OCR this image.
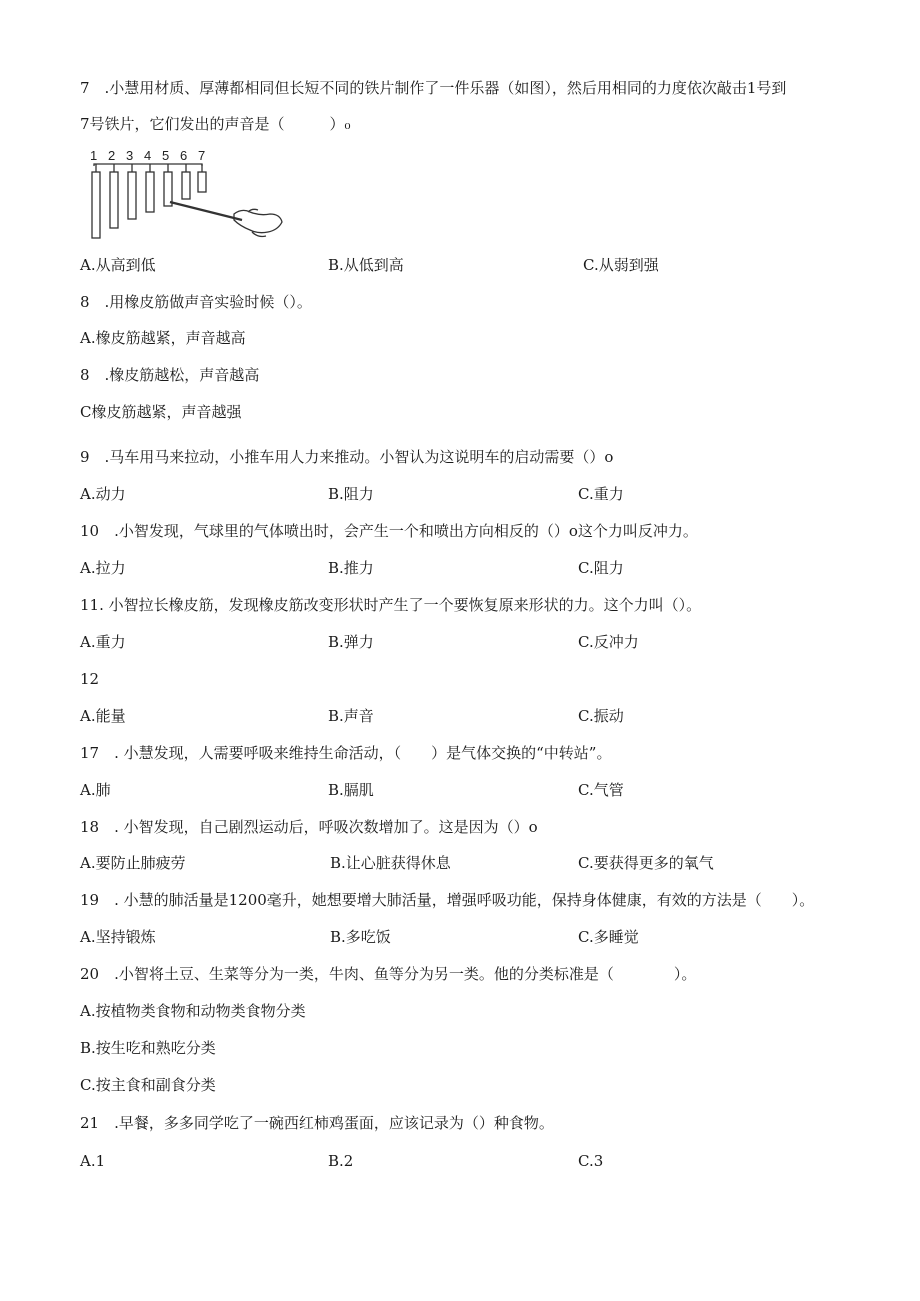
7　.小慧用材质、厚薄都相同但长短不同的铁片制作了一件乐器（如图），然后用相同的力度依次敲击1号到
7号铁片，它们发出的声音是（　　　）₀
1 2 3 4 5 6 7
A.从高到低	B.从低到高	C.从弱到强
8　.用橡皮筋做声音实验时候（）。
A.橡皮筋越紧，声音越高
8　.橡皮筋越松，声音越高
C橡皮筋越紧，声音越强
9　.马车用马来拉动，小推车用人力来推动。小智认为这说明车的启动需要（）o
A.动力	B.阻力	C.重力
10　.小智发现，气球里的气体喷出时，会产生一个和喷出方向相反的（）o这个力叫反冲力。
A.拉力	B.推力	C.阻力
11. 小智拉长橡皮筋，发现橡皮筋改变形状时产生了一个要恢复原来形状的力。这个力叫（）。
A.重力	B.弹力	C.反冲力
12
A.能量	B.声音	C.振动
17　. 小慧发现，人需要呼吸来维持生命活动，（　　）是气体交换的“中转站”。
A.肺	B.膈肌	C.气管
18　. 小智发现，自己剧烈运动后，呼吸次数增加了。这是因为（）o
A.要防止肺疲劳	B.让心脏获得休息	C.要获得更多的氧气
19　. 小慧的肺活量是1200毫升，她想要增大肺活量，增强呼吸功能，保持身体健康，有效的方法是（　　）。
A.坚持锻炼	B.多吃饭	C.多睡觉
20　.小智将土豆、生菜等分为一类，牛肉、鱼等分为另一类。他的分类标准是（　　　　）。
A.按植物类食物和动物类食物分类
B.按生吃和熟吃分类
C.按主食和副食分类
21　.早餐，多多同学吃了一碗西红柿鸡蛋面，应该记录为（）种食物。
A.1	B.2	C.3
